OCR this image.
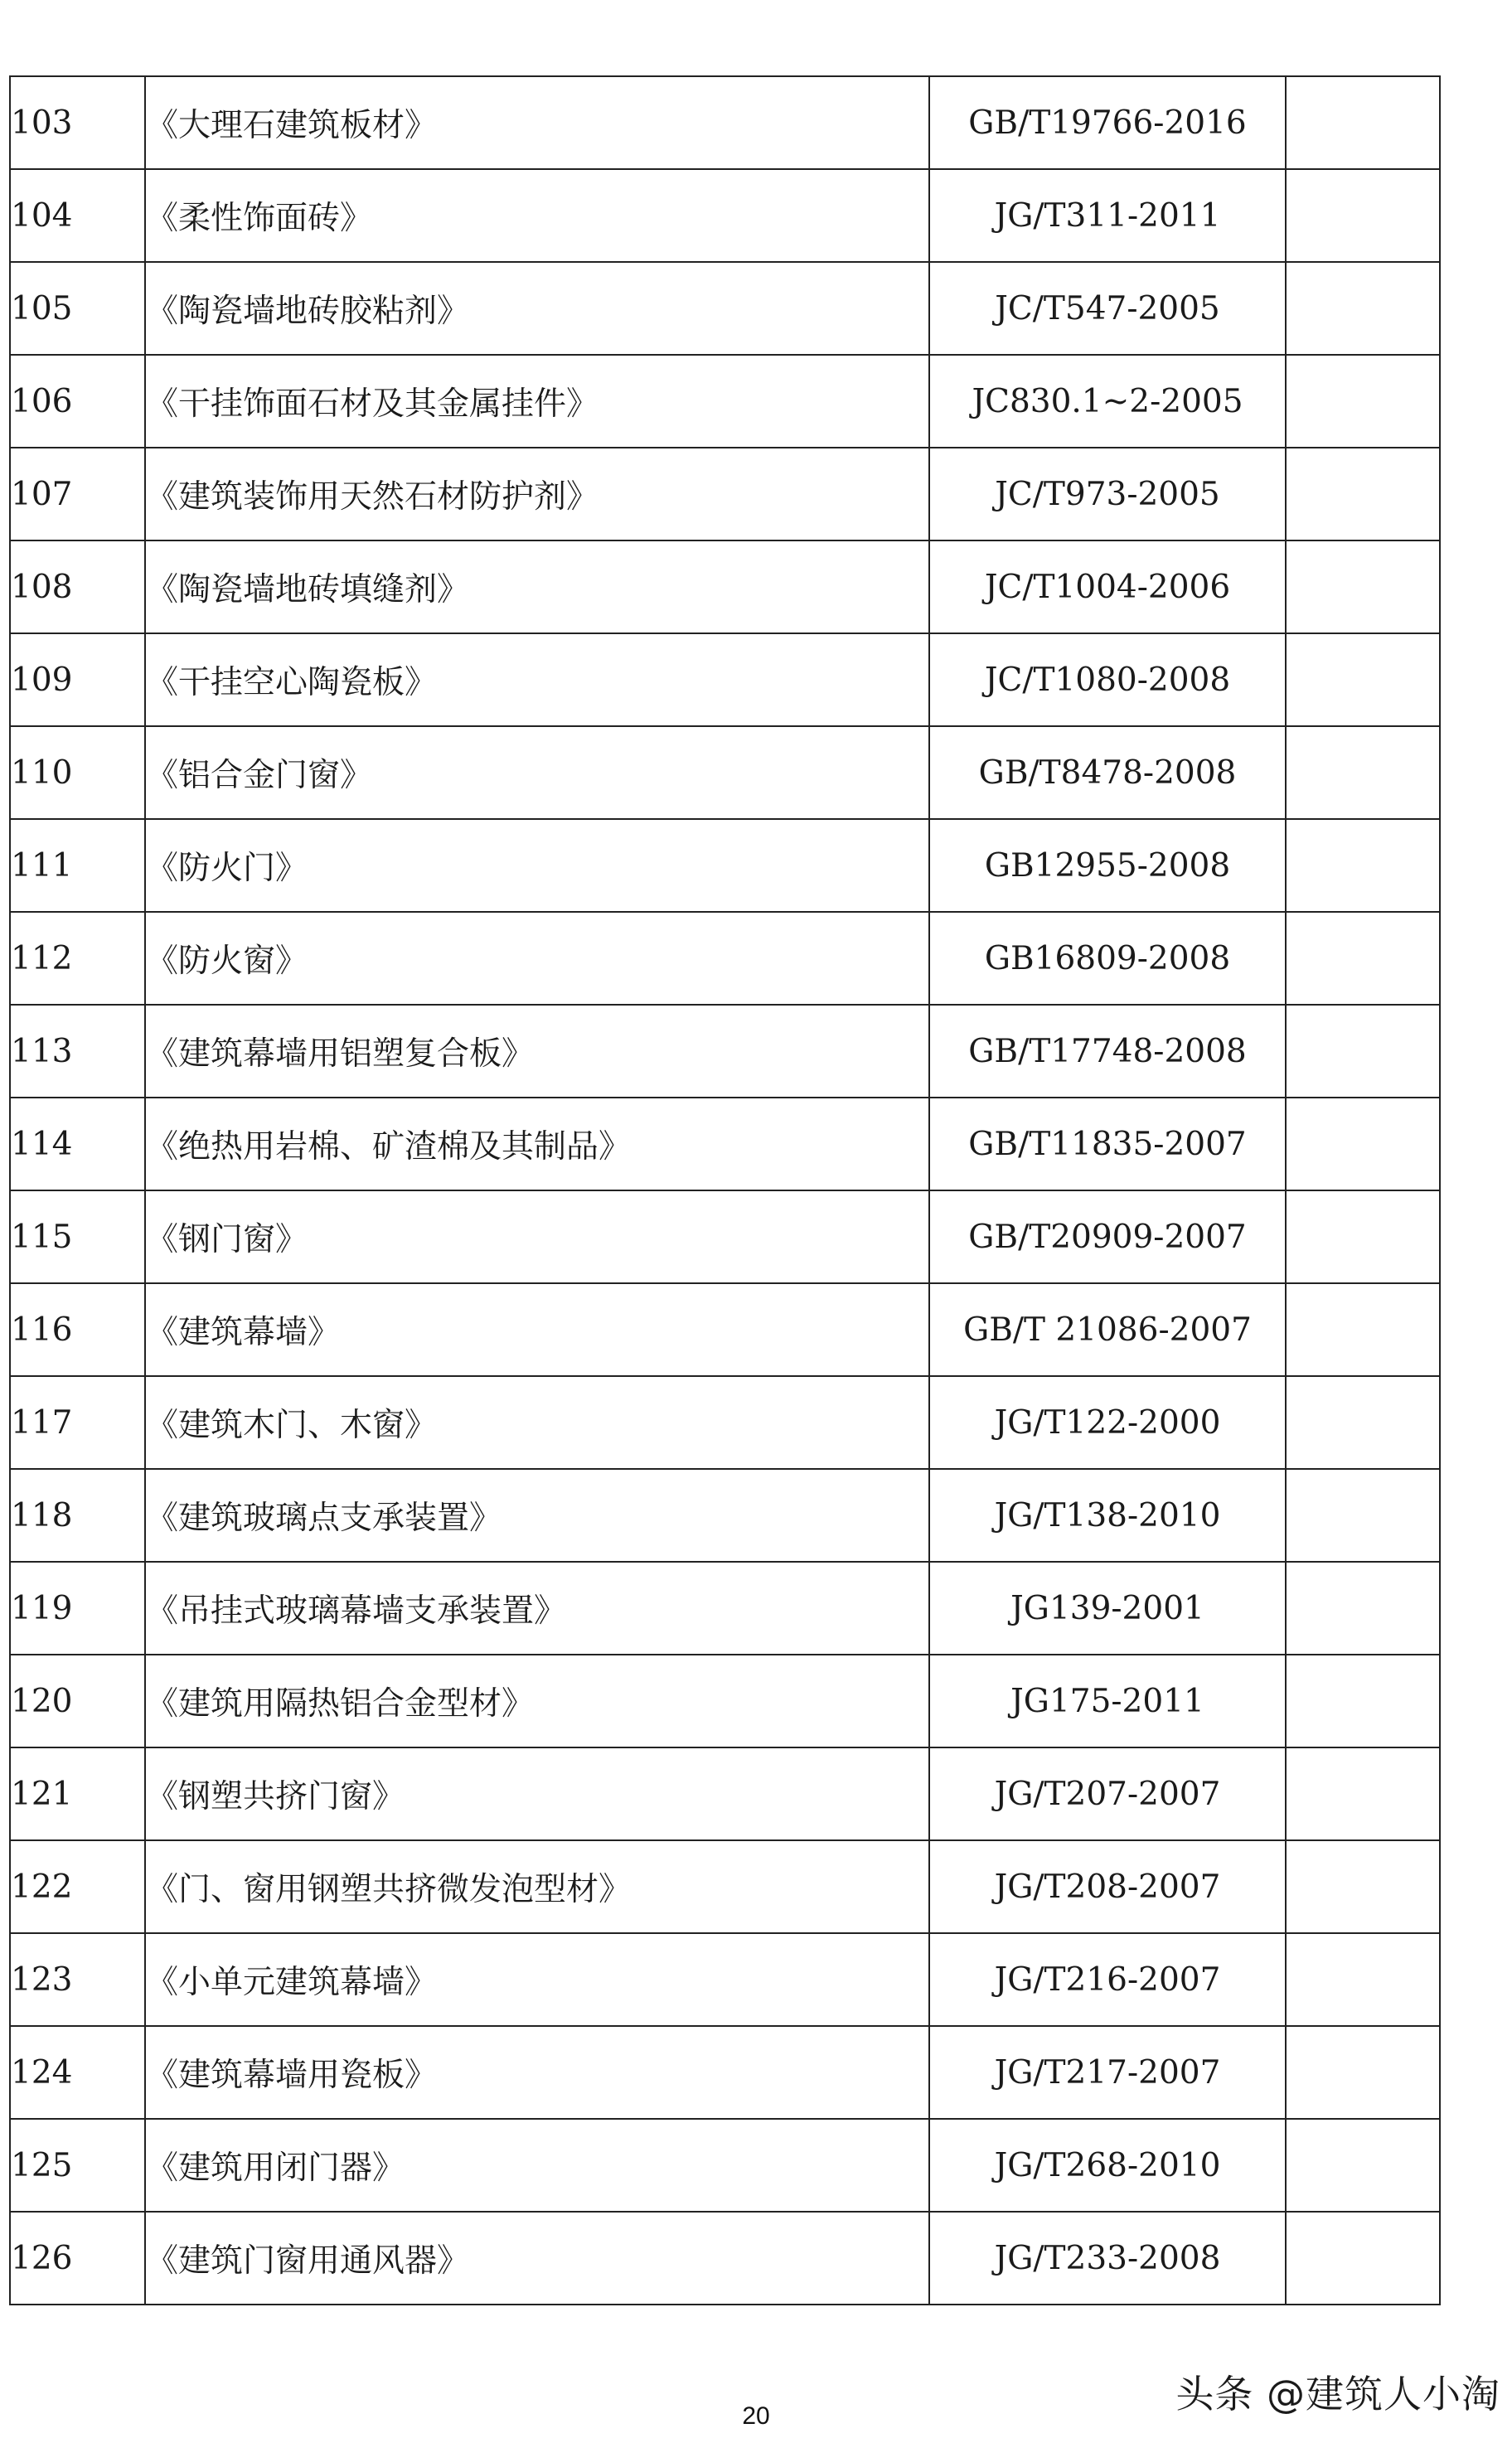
103	《大理石建筑板材》	GB/T19766-2016	
104	《柔性饰面砖》	JG/T311-2011	
105	《陶瓷墙地砖胶粘剂》	JC/T547-2005	
106	《干挂饰面石材及其金属挂件》	JC830.1~2-2005	
107	《建筑装饰用天然石材防护剂》	JC/T973-2005	
108	《陶瓷墙地砖填缝剂》	JC/T1004-2006	
109	《干挂空心陶瓷板》	JC/T1080-2008	
110	《铝合金门窗》	GB/T8478-2008	
111	《防火门》	GB12955-2008	
112	《防火窗》	GB16809-2008	
113	《建筑幕墙用铝塑复合板》	GB/T17748-2008	
114	《绝热用岩棉、矿渣棉及其制品》	GB/T11835-2007	
115	《钢门窗》	GB/T20909-2007	
116	《建筑幕墙》	GB/T 21086-2007	
117	《建筑木门、木窗》	JG/T122-2000	
118	《建筑玻璃点支承装置》	JG/T138-2010	
119	《吊挂式玻璃幕墙支承装置》	JG139-2001	
120	《建筑用隔热铝合金型材》	JG175-2011	
121	《钢塑共挤门窗》	JG/T207-2007	
122	《门、窗用钢塑共挤微发泡型材》	JG/T208-2007	
123	《小单元建筑幕墙》	JG/T216-2007	
124	《建筑幕墙用瓷板》	JG/T217-2007	
125	《建筑用闭门器》	JG/T268-2010	
126	《建筑门窗用通风器》	JG/T233-2008	
20	头条 @建筑人小淘
